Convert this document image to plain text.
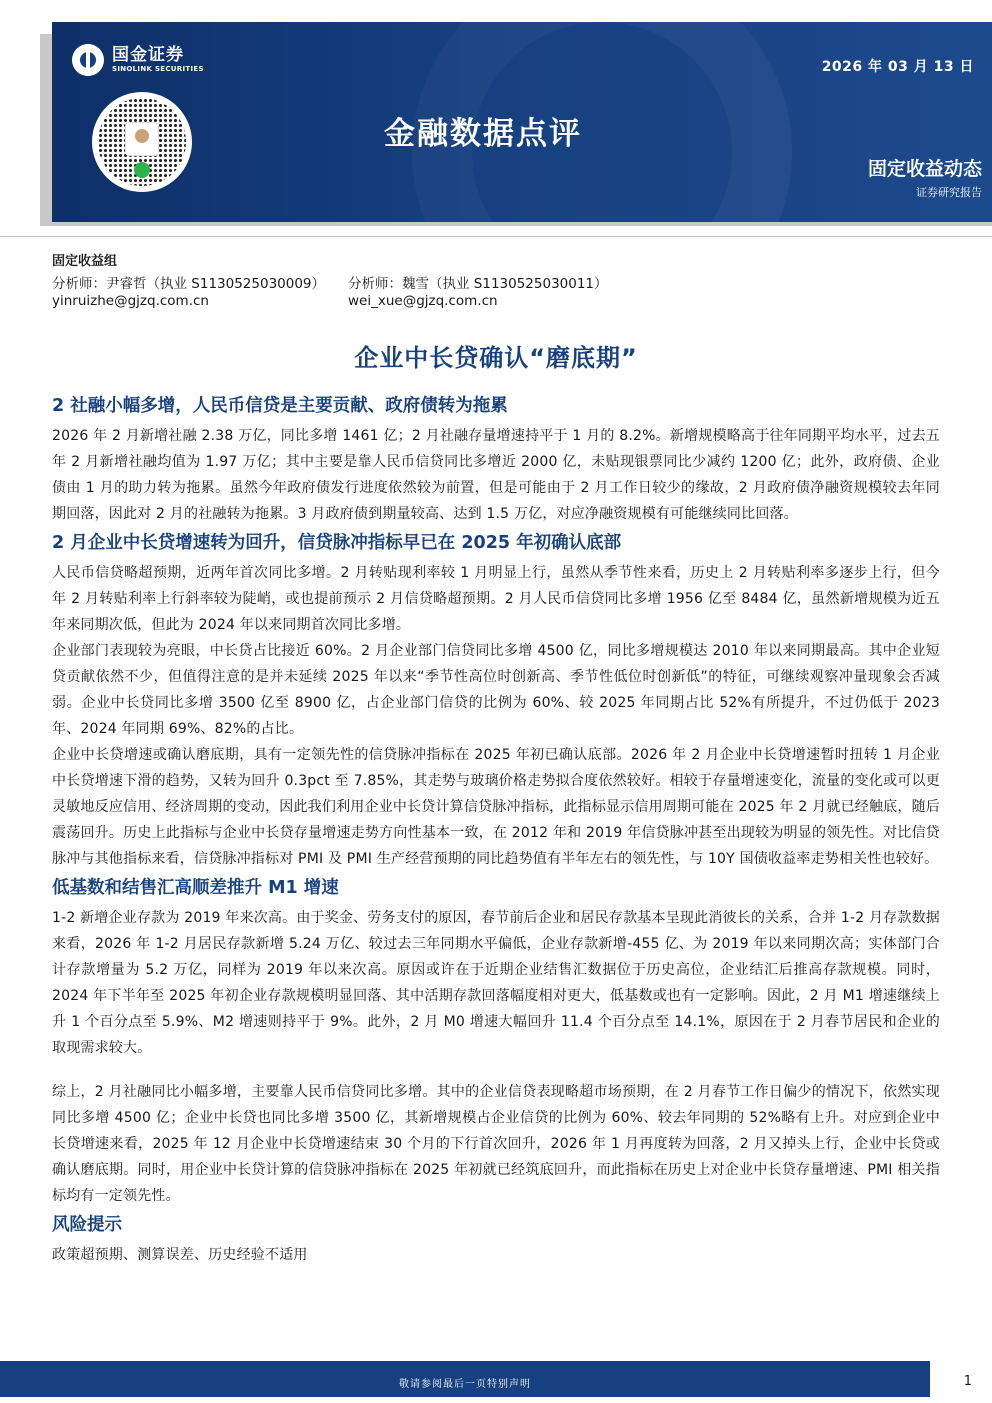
国金证券
SINOLINK SECURITIES	2026 年 03 月 13 日
金融数据点评
固定收益动态
证券研究报告
固定收益组
分析师：尹睿哲（执业 S1130525030009）	分析师：魏雪（执业 S1130525030011）
yinruizhe@gjzq.com.cn	wei_xue@gjzq.com.cn
企业中长贷确认“磨底期”
2 社融小幅多增，人民币信贷是主要贡献、政府债转为拖累

2026 年 2 月新增社融 2.38 万亿，同比多增 1461 亿；2 月社融存量增速持平于 1 月的 8.2%。新增规模略高于往年同期平均水平，过去五年 2 月新增社融均值为 1.97 万亿；其中主要是靠人民币信贷同比多增近 2000 亿，未贴现银票同比少减约 1200 亿；此外，政府债、企业债由 1 月的助力转为拖累。虽然今年政府债发行进度依然较为前置，但是可能由于 2 月工作日较少的缘故，2 月政府债净融资规模较去年同期回落，因此对 2 月的社融转为拖累。3 月政府债到期量较高、达到 1.5 万亿，对应净融资规模有可能继续同比回落。

2 月企业中长贷增速转为回升，信贷脉冲指标早已在 2025 年初确认底部

人民币信贷略超预期，近两年首次同比多增。2 月转贴现利率较 1 月明显上行，虽然从季节性来看，历史上 2 月转贴利率多逐步上行，但今年 2 月转贴利率上行斜率较为陡峭，或也提前预示 2 月信贷略超预期。2 月人民币信贷同比多增 1956 亿至 8484 亿，虽然新增规模为近五年来同期次低，但此为 2024 年以来同期首次同比多增。

企业部门表现较为亮眼，中长贷占比接近 60%。2 月企业部门信贷同比多增 4500 亿，同比多增规模达 2010 年以来同期最高。其中企业短贷贡献依然不少，但值得注意的是并未延续 2025 年以来“季节性高位时创新高、季节性低位时创新低”的特征，可继续观察冲量现象会否减弱。企业中长贷同比多增 3500 亿至 8900 亿，占企业部门信贷的比例为 60%、较 2025 年同期占比 52%有所提升，不过仍低于 2023 年、2024 年同期 69%、82%的占比。

企业中长贷增速或确认磨底期，具有一定领先性的信贷脉冲指标在 2025 年初已确认底部。2026 年 2 月企业中长贷增速暂时扭转 1 月企业中长贷增速下滑的趋势，又转为回升 0.3pct 至 7.85%，其走势与玻璃价格走势拟合度依然较好。相较于存量增速变化，流量的变化或可以更灵敏地反应信用、经济周期的变动，因此我们利用企业中长贷计算信贷脉冲指标，此指标显示信用周期可能在 2025 年 2 月就已经触底，随后震荡回升。历史上此指标与企业中长贷存量增速走势方向性基本一致，在 2012 年和 2019 年信贷脉冲甚至出现较为明显的领先性。对比信贷脉冲与其他指标来看，信贷脉冲指标对 PMI 及 PMI 生产经营预期的同比趋势值有半年左右的领先性，与 10Y 国债收益率走势相关性也较好。

低基数和结售汇高顺差推升 M1 增速

1-2 新增企业存款为 2019 年来次高。由于奖金、劳务支付的原因，春节前后企业和居民存款基本呈现此消彼长的关系，合并 1-2 月存款数据来看，2026 年 1-2 月居民存款新增 5.24 万亿、较过去三年同期水平偏低，企业存款新增-455 亿、为 2019 年以来同期次高；实体部门合计存款增量为 5.2 万亿，同样为 2019 年以来次高。原因或许在于近期企业结售汇数据位于历史高位，企业结汇后推高存款规模。同时，2024 年下半年至 2025 年初企业存款规模明显回落、其中活期存款回落幅度相对更大，低基数或也有一定影响。因此，2 月 M1 增速继续上升 1 个百分点至 5.9%、M2 增速则持平于 9%。此外，2 月 M0 增速大幅回升 11.4 个百分点至 14.1%，原因在于 2 月春节居民和企业的取现需求较大。

综上，2 月社融同比小幅多增，主要靠人民币信贷同比多增。其中的企业信贷表现略超市场预期，在 2 月春节工作日偏少的情况下，依然实现同比多增 4500 亿；企业中长贷也同比多增 3500 亿，其新增规模占企业信贷的比例为 60%、较去年同期的 52%略有上升。对应到企业中长贷增速来看，2025 年 12 月企业中长贷增速结束 30 个月的下行首次回升，2026 年 1 月再度转为回落，2 月又掉头上行，企业中长贷或确认磨底期。同时，用企业中长贷计算的信贷脉冲指标在 2025 年初就已经筑底回升，而此指标在历史上对企业中长贷存量增速、PMI 相关指标均有一定领先性。

风险提示

政策超预期、测算误差、历史经验不适用

敬请参阅最后一页特别声明	1
